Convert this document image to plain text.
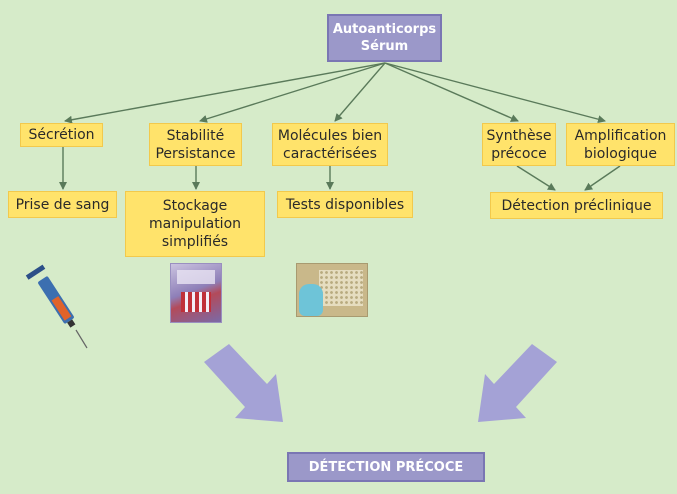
Autoanticorps
Sérum
Sécrétion	Stabilité
Persistance
Molécules bien
caractérisées
Synthèse
précoce
Amplification
biologique
Prise de sang	Stockage
manipulation
simplifiés
Tests disponibles	Détection préclinique
DÉTECTION PRÉCOCE
